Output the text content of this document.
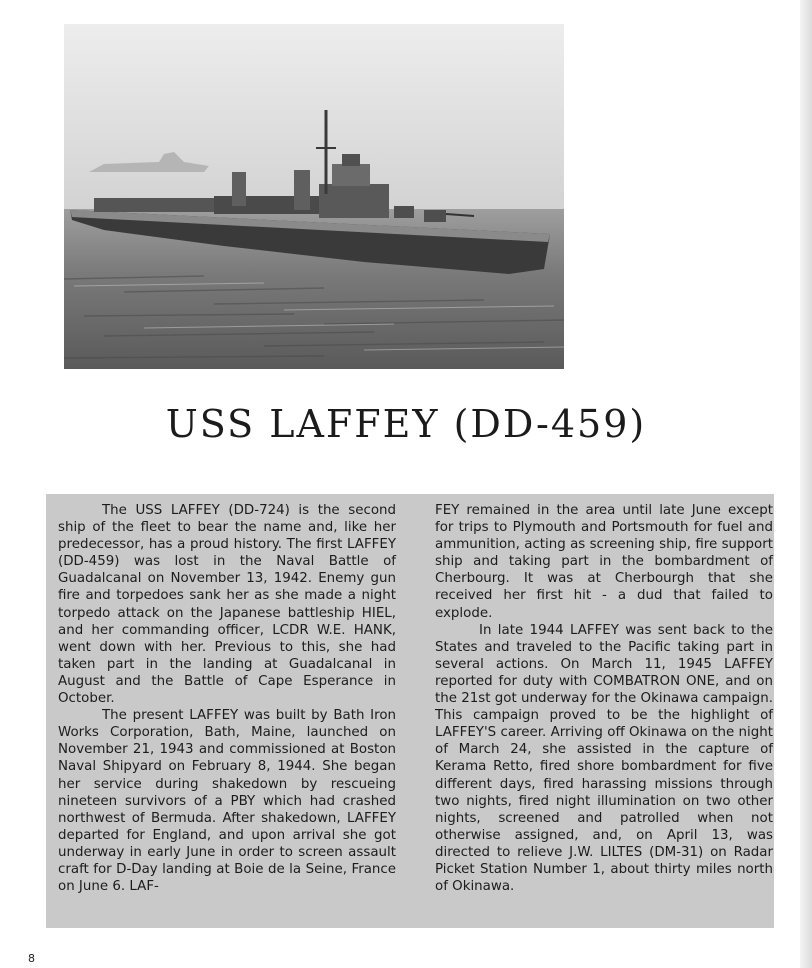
USS LAFFEY (DD-459)

The USS LAFFEY (DD-724) is the second ship of the fleet to bear the name and, like her predecessor, has a proud history. The first LAFFEY (DD-459) was lost in the Naval Battle of Guadalcanal on November 13, 1942. Enemy gun fire and torpedoes sank her as she made a night torpedo attack on the Japanese battleship HIEL, and her commanding officer, LCDR W.E. HANK, went down with her. Previous to this, she had taken part in the landing at Guadalcanal in August and the Battle of Cape Esperance in October.

The present LAFFEY was built by Bath Iron Works Corporation, Bath, Maine, launched on November 21, 1943 and commissioned at Boston Naval Shipyard on February 8, 1944. She began her service during shakedown by rescueing nineteen survivors of a PBY which had crashed northwest of Bermuda. After shakedown, LAFFEY departed for England, and upon arrival she got underway in early June in order to screen assault craft for D-Day landing at Boie de la Seine, France on June 6. LAF-

FEY remained in the area until late June except for trips to Plymouth and Portsmouth for fuel and ammunition, acting as screening ship, fire support ship and taking part in the bombardment of Cherbourg. It was at Cherbourgh that she received her first hit - a dud that failed to explode.

In late 1944 LAFFEY was sent back to the States and traveled to the Pacific taking part in several actions. On March 11, 1945 LAFFEY reported for duty with COMBATRON ONE, and on the 21st got underway for the Okinawa campaign. This campaign proved to be the highlight of LAFFEY'S career. Arriving off Okinawa on the night of March 24, she assisted in the capture of Kerama Retto, fired shore bombardment for five different days, fired harassing missions through two nights, fired night illumination on two other nights, screened and patrolled when not otherwise assigned, and, on April 13, was directed to relieve J.W. LILTES (DM-31) on Radar Picket Station Number 1, about thirty miles north of Okinawa.

8
